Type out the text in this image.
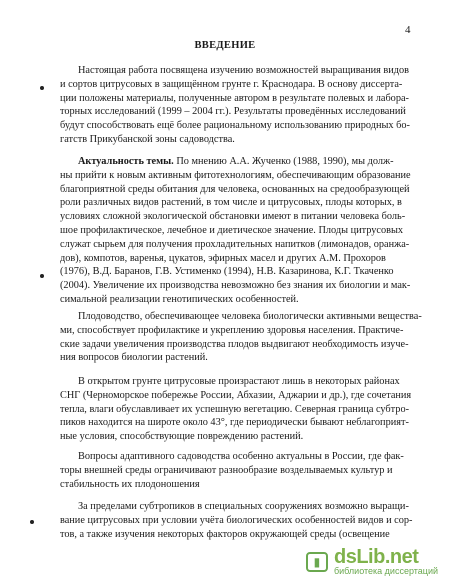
4
ВВЕДЕНИЕ
Настоящая работа посвящена изучению возможностей выращивания видов
и сортов цитрусовых в защищённом грунте г. Краснодара. В основу диссерта-
ции положены материалы, полученные автором в результате полевых и лабора-
торных исследований (1999 – 2004 гг.). Результаты проведённых исследований
будут способствовать ещё более рациональному использованию природных бо-
гатств Прикубанской зоны садоводства.
Актуальность темы. По мнению А.А. Жученко (1988, 1990), мы долж-
ны прийти к новым активным фитотехнологиям, обеспечивающим образование
благоприятной среды обитания для человека, основанных на средообразующей
роли различных видов растений, в том числе и цитрусовых, плоды которых, в
условиях сложной экологической обстановки имеют в питании человека боль-
шое профилактическое, лечебное и диетическое значение. Плоды цитрусовых
служат сырьем для получения прохладительных напитков (лимонадов, оранжа-
дов), компотов, варенья, цукатов, эфирных масел и других А.М. Прохоров
(1976), В.Д. Баранов, Г.В. Устименко (1994), Н.В. Казаринова, К.Г. Ткаченко
(2004). Увеличение их производства невозможно без знания их биологии и мак-
симальной реализации генотипических особенностей.
Плодоводство, обеспечивающее человека биологически активными вещества-
ми, способствует профилактике и укреплению здоровья населения. Практиче-
ские задачи увеличения производства плодов выдвигают необходимость изуче-
ния вопросов биологии растений.
В открытом грунте цитрусовые произрастают лишь в некоторых районах
СНГ (Черноморское побережье России, Абхазии, Аджарии и др.), где сочетания
тепла, влаги обуславливает их успешную вегетацию. Северная граница субтро-
пиков находится на широте около 43°, где периодически бывают неблагоприят-
ные условия, способствующие повреждению растений.
Вопросы адаптивного садоводства особенно актуальны в России, где фак-
торы внешней среды ограничивают разнообразие возделываемых культур и
стабильность их плодоношения
За пределами субтропиков в специальных сооружениях возможно выращи-
вание цитрусовых при условии учёта биологических особенностей видов и сор-
тов, а также изучения некоторых факторов окружающей среды (освещение
▮ dsLib.net
библиотека диссертаций
